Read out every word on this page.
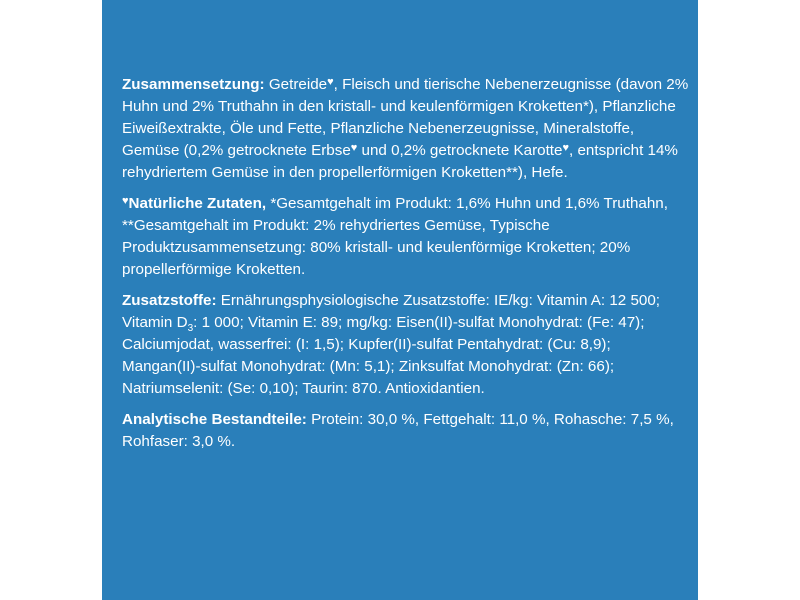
Zusammensetzung: Getreide♥, Fleisch und tierische Nebenerzeugnisse (davon 2% Huhn und 2% Truthahn in den kristall- und keulenförmigen Kroketten*), Pflanzliche Eiweißextrakte, Öle und Fette, Pflanzliche Nebenerzeugnisse, Mineralstoffe, Gemüse (0,2% getrocknete Erbse♥ und 0,2% getrocknete Karotte♥, entspricht 14% rehydriertem Gemüse in den propellerförmigen Kroketten**), Hefe.

♥Natürliche Zutaten, *Gesamtgehalt im Produkt: 1,6% Huhn und 1,6% Truthahn, **Gesamtgehalt im Produkt: 2% rehydriertes Gemüse, Typische Produktzusammensetzung: 80% kristall- und keulenförmige Kroketten; 20% propellerförmige Kroketten.

Zusatzstoffe: Ernährungsphysiologische Zusatzstoffe: IE/kg: Vitamin A: 12 500; Vitamin $D_3$: 1 000; Vitamin E: 89; mg/kg: Eisen(II)-sulfat Monohydrat: (Fe: 47); Calciumjodat, wasserfrei: (I: 1,5); Kupfer(II)-sulfat Pentahydrat: (Cu: 8,9); Mangan(II)-sulfat Monohydrat: (Mn: 5,1); Zinksulfat Monohydrat: (Zn: 66); Natriumselenit: (Se: 0,10); Taurin: 870. Antioxidantien.

Analytische Bestandteile: Protein: 30,0 %, Fettgehalt: 11,0 %, Rohasche: 7,5 %, Rohfaser: 3,0 %.
